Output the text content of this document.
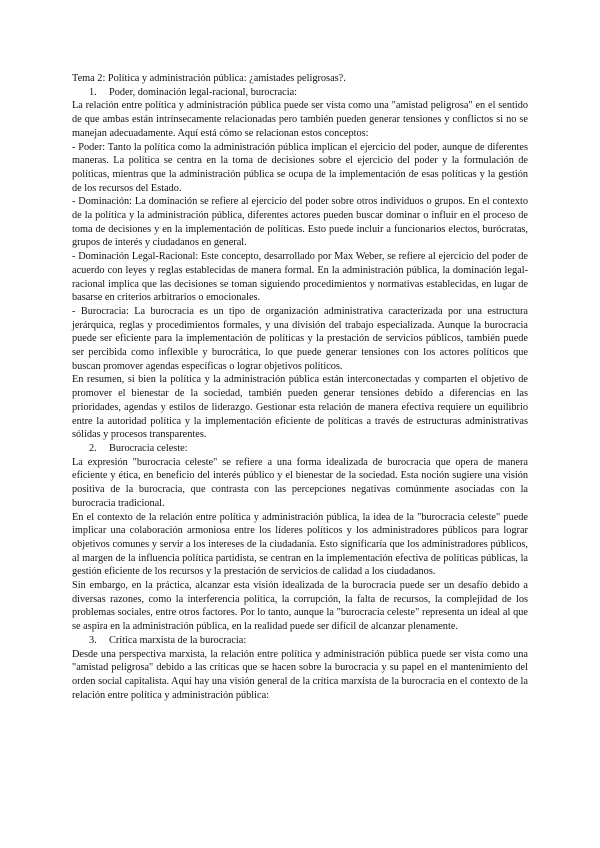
Tema 2: Política y administración pública: ¿amistades peligrosas?.

1. Poder, dominación legal-racional, burocracia:

La relación entre política y administración pública puede ser vista como una "amistad peligrosa" en el sentido de que ambas están intrínsecamente relacionadas pero también pueden generar tensiones y conflictos si no se manejan adecuadamente. Aquí está cómo se relacionan estos conceptos:

- Poder: Tanto la política como la administración pública implican el ejercicio del poder, aunque de diferentes maneras. La política se centra en la toma de decisiones sobre el ejercicio del poder y la formulación de políticas, mientras que la administración pública se ocupa de la implementación de esas políticas y la gestión de los recursos del Estado.

- Dominación: La dominación se refiere al ejercicio del poder sobre otros individuos o grupos. En el contexto de la política y la administración pública, diferentes actores pueden buscar dominar o influir en el proceso de toma de decisiones y en la implementación de políticas. Esto puede incluir a funcionarios electos, burócratas, grupos de interés y ciudadanos en general.

- Dominación Legal-Racional: Este concepto, desarrollado por Max Weber, se refiere al ejercicio del poder de acuerdo con leyes y reglas establecidas de manera formal. En la administración pública, la dominación legal-racional implica que las decisiones se toman siguiendo procedimientos y normativas establecidas, en lugar de basarse en criterios arbitrarios o emocionales.

- Burocracia: La burocracia es un tipo de organización administrativa caracterizada por una estructura jerárquica, reglas y procedimientos formales, y una división del trabajo especializada. Aunque la burocracia puede ser eficiente para la implementación de políticas y la prestación de servicios públicos, también puede ser percibida como inflexible y burocrática, lo que puede generar tensiones con los actores políticos que buscan promover agendas específicas o lograr objetivos políticos.

En resumen, si bien la política y la administración pública están interconectadas y comparten el objetivo de promover el bienestar de la sociedad, también pueden generar tensiones debido a diferencias en las prioridades, agendas y estilos de liderazgo. Gestionar esta relación de manera efectiva requiere un equilibrio entre la autoridad política y la implementación eficiente de políticas a través de estructuras administrativas sólidas y procesos transparentes.

2. Burocracia celeste:

La expresión "burocracia celeste" se refiere a una forma idealizada de burocracia que opera de manera eficiente y ética, en beneficio del interés público y el bienestar de la sociedad. Esta noción sugiere una visión positiva de la burocracia, que contrasta con las percepciones negativas comúnmente asociadas con la burocracia tradicional.

En el contexto de la relación entre política y administración pública, la idea de la "burocracia celeste" puede implicar una colaboración armoniosa entre los líderes políticos y los administradores públicos para lograr objetivos comunes y servir a los intereses de la ciudadanía. Esto significaría que los administradores públicos, al margen de la influencia política partidista, se centran en la implementación efectiva de políticas públicas, la gestión eficiente de los recursos y la prestación de servicios de calidad a los ciudadanos.

Sin embargo, en la práctica, alcanzar esta visión idealizada de la burocracia puede ser un desafío debido a diversas razones, como la interferencia política, la corrupción, la falta de recursos, la complejidad de los problemas sociales, entre otros factores. Por lo tanto, aunque la "burocracia celeste" representa un ideal al que se aspira en la administración pública, en la realidad puede ser difícil de alcanzar plenamente.

3. Crítica marxista de la burocracia:

Desde una perspectiva marxista, la relación entre política y administración pública puede ser vista como una "amistad peligrosa" debido a las críticas que se hacen sobre la burocracia y su papel en el mantenimiento del orden social capitalista. Aquí hay una visión general de la crítica marxista de la burocracia en el contexto de la relación entre política y administración pública:
